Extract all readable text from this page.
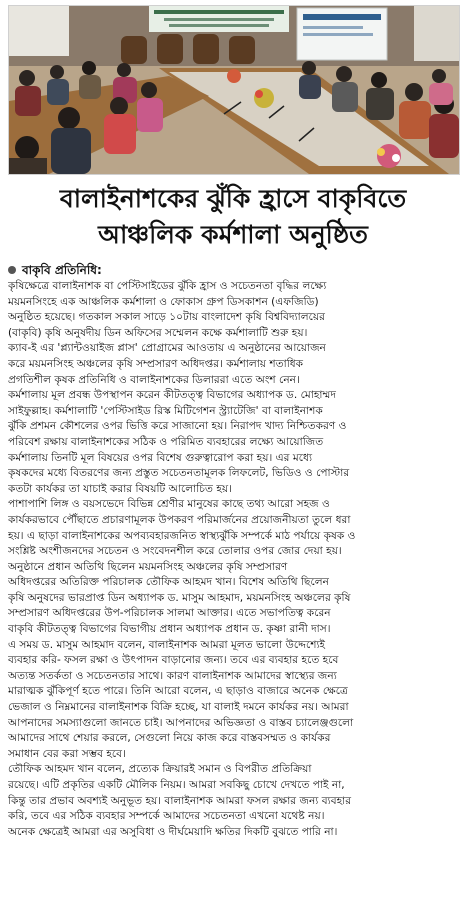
বালাইনাশকের ঝুঁকি হ্রাসে বাকৃবিতে
আঞ্চলিক কর্মশালা অনুষ্ঠিত
বাকৃবি প্রতিনিধি:

কৃষিক্ষেত্রে বালাইনাশক বা পেস্টিসাইডের ঝুঁকি হ্রাস ও সচেতনতা বৃদ্ধির লক্ষ্যে
ময়মনসিংহে এক আঞ্চলিক কর্মশালা ও ফোকাস গ্রুপ ডিসকাশন (এফজিডি)
অনুষ্ঠিত হয়েছে। গতকাল সকাল সাড়ে ১০টায় বাংলাদেশ কৃষি বিশ্ববিদ্যালয়ের
(বাকৃবি) কৃষি অনুষদীয় ডিন অফিসের সম্মেলন কক্ষে কর্মশালাটি শুরু হয়।

ক্যাব-ই এর 'প্ল্যান্টওয়াইজ প্লাস' প্রোগ্রামের আওতায় এ অনুষ্ঠানের আয়োজন
করে ময়মনসিংহ অঞ্চলের কৃষি সম্প্রসারণ অধিদপ্তর। কর্মশালায় শতাধিক
প্রগতিশীল কৃষক প্রতিনিধি ও বালাইনাশকের ডিলাররা এতে অংশ নেন।

কর্মশালায় মূল প্রবন্ধ উপস্থাপন করেন কীটতত্ত্ব বিভাগের অধ্যাপক ড. মোহাম্মদ
সাইফুল্লাহ। কর্মশালাটি 'পেস্টিসাইড রিস্ক মিটিগেশন স্ট্র্যাটেজি' বা বালাইনাশক
ঝুঁকি প্রশমন কৌশলের ওপর ভিত্তি করে সাজানো হয়। নিরাপদ খাদ্য নিশ্চিতকরণ ও
পরিবেশ রক্ষায় বালাইনাশকের সঠিক ও পরিমিত ব্যবহারের লক্ষ্যে আয়োজিত
কর্মশালায় তিনটি মূল বিষয়ের ওপর বিশেষ গুরুত্বারোপ করা হয়। এর মধ্যে
কৃষকদের মধ্যে বিতরণের জন্য প্রস্তুত সচেতনতামূলক লিফলেট, ভিডিও ও পোস্টার
কতটা কার্যকর তা যাচাই করার বিষয়টি আলোচিত হয়।

পাশাপাশি লিঙ্গ ও বয়সভেদে বিভিন্ন শ্রেণীর মানুষের কাছে তথ্য আরো সহজ ও
কার্যকরভাবে পৌঁছাতে প্রচারণামূলক উপকরণ পরিমার্জনের প্রয়োজনীয়তা তুলে ধরা
হয়। এ ছাড়া বালাইনাশকের অপব্যবহারজনিত স্বাস্থ্যঝুঁকি সম্পর্কে মাঠ পর্যায়ে কৃষক ও
সংশ্লিষ্ট অংশীজনদের সচেতন ও সংবেদনশীল করে তোলার ওপর জোর দেয়া হয়।

অনুষ্ঠানে প্রধান অতিথি ছিলেন ময়মনসিংহ অঞ্চলের কৃষি সম্প্রসারণ
অধিদপ্তরের অতিরিক্ত পরিচালক তৌফিক আহমদ খান। বিশেষ অতিথি ছিলেন
কৃষি অনুষদের ভারপ্রাপ্ত ডিন অধ্যাপক ড. মাসুম আহমাদ, ময়মনসিংহ অঞ্চলের কৃষি
সম্প্রসারণ অধিদপ্তরের উপ-পরিচালক সালমা আক্তার। এতে সভাপতিত্ব করেন
বাকৃবি কীটতত্ত্ব বিভাগের বিভাগীয় প্রধান অধ্যাপক প্রধান ড. কৃষ্ণা রানী দাস।

এ সময় ড. মাসুম আহমাদ বলেন, বালাইনাশক আমরা মূলত ভালো উদ্দেশ্যেই
ব্যবহার করি- ফসল রক্ষা ও উৎপাদন বাড়ানোর জন্য। তবে এর ব্যবহার হতে হবে
অত্যন্ত সতর্কতা ও সচেতনতার সাথে। কারণ বালাইনাশক আমাদের স্বাস্থ্যের জন্য
মারাত্মক ঝুঁকিপূর্ণ হতে পারে। তিনি আরো বলেন, এ ছাড়াও বাজারে অনেক ক্ষেত্রে
ভেজাল ও নিম্নমানের বালাইনাশক বিক্রি হচ্ছে, যা বালাই দমনে কার্যকর নয়। আমরা
আপনাদের সমস্যাগুলো জানতে চাই। আপনাদের অভিজ্ঞতা ও বাস্তব চ্যালেঞ্জগুলো
আমাদের সাথে শেয়ার করলে, সেগুলো নিয়ে কাজ করে বাস্তবসম্মত ও কার্যকর
সমাধান বের করা সম্ভব হবে।

তৌফিক আহমদ খান বলেন, প্রত্যেক ক্রিয়ারই সমান ও বিপরীত প্রতিক্রিয়া
রয়েছে। এটি প্রকৃতির একটি মৌলিক নিয়ম। আমরা সবকিছু চোখে দেখতে পাই না,
কিন্তু তার প্রভাব অবশ্যই অনুভূত হয়। বালাইনাশক আমরা ফসল রক্ষার জন্য ব্যবহার
করি, তবে এর সঠিক ব্যবহার সম্পর্কে আমাদের সচেতনতা এখনো যথেষ্ট নয়।
অনেক ক্ষেত্রেই আমরা এর অসুবিধা ও দীর্ঘমেয়াদি ক্ষতির দিকটি বুঝতে পারি না।
